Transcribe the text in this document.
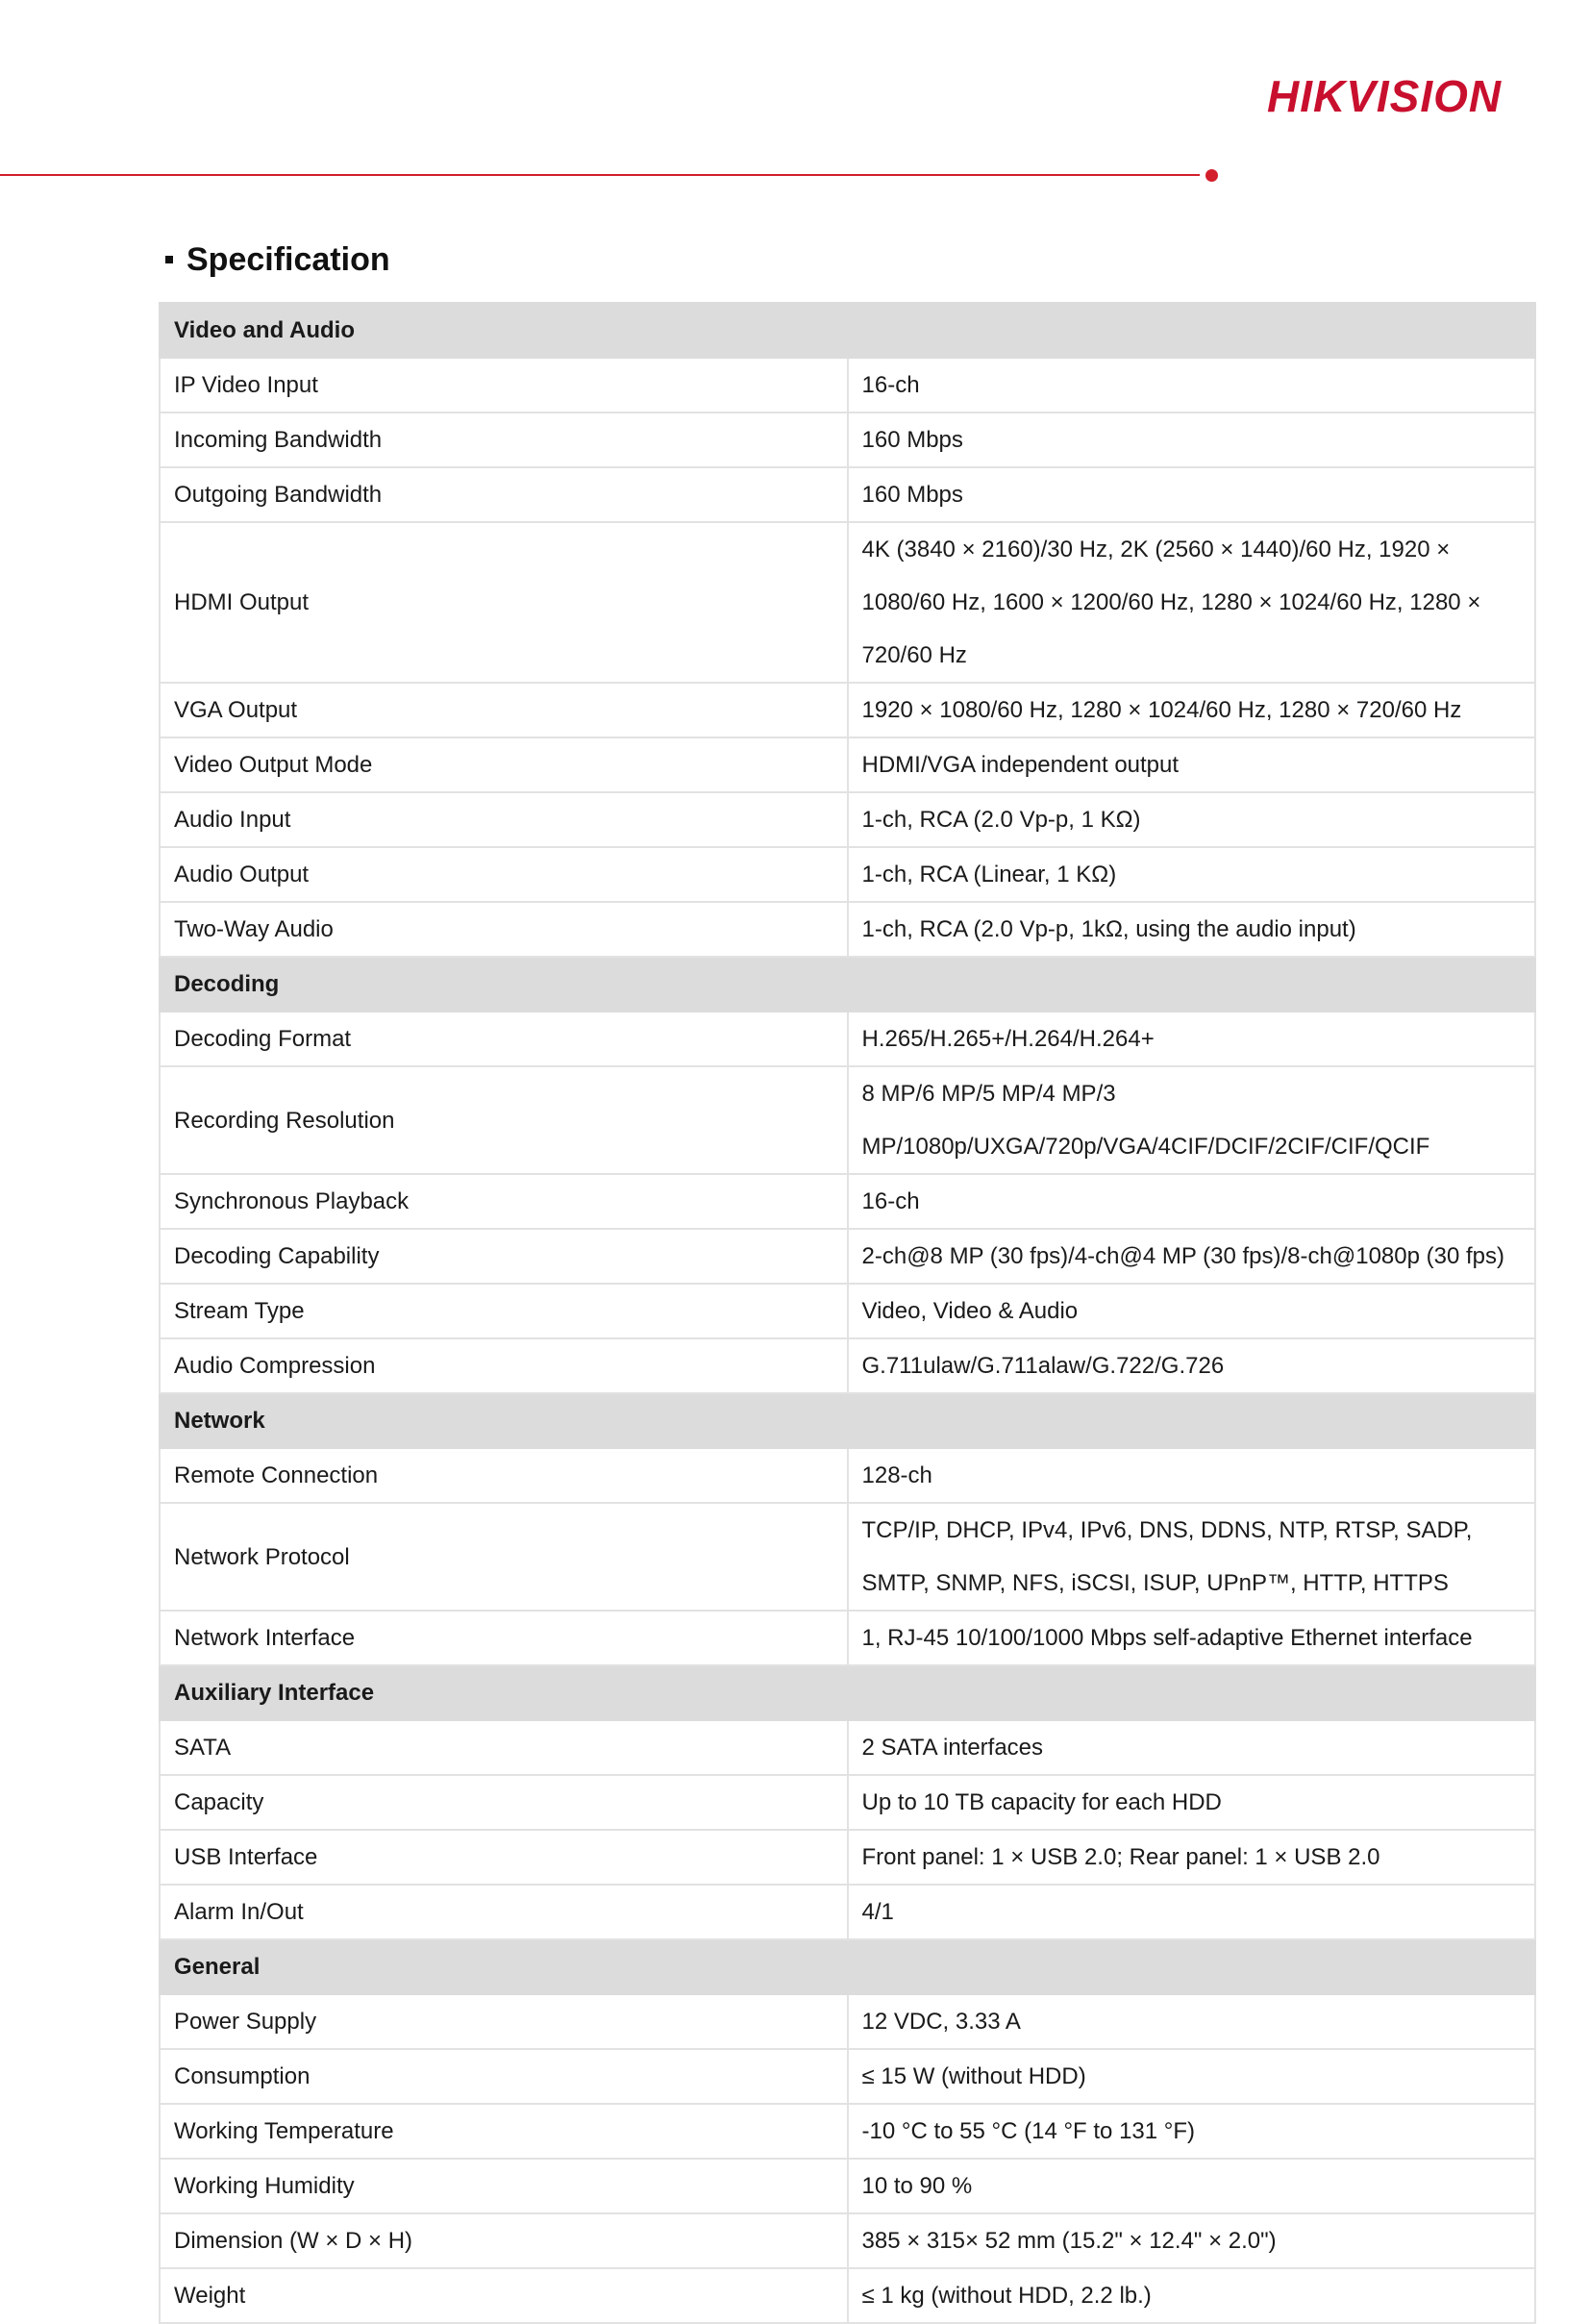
HIKVISION
Specification
Video and Audio	
IP Video Input	16-ch
Incoming Bandwidth	160 Mbps
Outgoing Bandwidth	160 Mbps
HDMI Output	4K (3840 × 2160)/30 Hz, 2K (2560 × 1440)/60 Hz, 1920 × 1080/60 Hz, 1600 × 1200/60 Hz, 1280 × 1024/60 Hz, 1280 × 720/60 Hz
VGA Output	1920 × 1080/60 Hz, 1280 × 1024/60 Hz, 1280 × 720/60 Hz
Video Output Mode	HDMI/VGA independent output
Audio Input	1-ch, RCA (2.0 Vp-p, 1 KΩ)
Audio Output	1-ch, RCA (Linear, 1 KΩ)
Two-Way Audio	1-ch, RCA (2.0 Vp-p, 1kΩ, using the audio input)
Decoding	
Decoding Format	H.265/H.265+/H.264/H.264+
Recording Resolution	8 MP/6 MP/5 MP/4 MP/3 MP/1080p/UXGA/720p/VGA/4CIF/DCIF/2CIF/CIF/QCIF
Synchronous Playback	16-ch
Decoding Capability	2-ch@8 MP (30 fps)/4-ch@4 MP (30 fps)/8-ch@1080p (30 fps)
Stream Type	Video, Video & Audio
Audio Compression	G.711ulaw/G.711alaw/G.722/G.726
Network	
Remote Connection	128-ch
Network Protocol	TCP/IP, DHCP, IPv4, IPv6, DNS, DDNS, NTP, RTSP, SADP, SMTP, SNMP, NFS, iSCSI, ISUP, UPnP™, HTTP, HTTPS
Network Interface	1, RJ-45 10/100/1000 Mbps self-adaptive Ethernet interface
Auxiliary Interface	
SATA	2 SATA interfaces
Capacity	Up to 10 TB capacity for each HDD
USB Interface	Front panel: 1 × USB 2.0; Rear panel: 1 × USB 2.0
Alarm In/Out	4/1
General	
Power Supply	12 VDC, 3.33 A
Consumption	≤ 15 W (without HDD)
Working Temperature	-10 °C to 55 °C (14 °F to 131 °F)
Working Humidity	10 to 90 %
Dimension (W × D × H)	385 × 315× 52 mm (15.2" × 12.4" × 2.0")
Weight	≤ 1 kg (without HDD, 2.2 lb.)
